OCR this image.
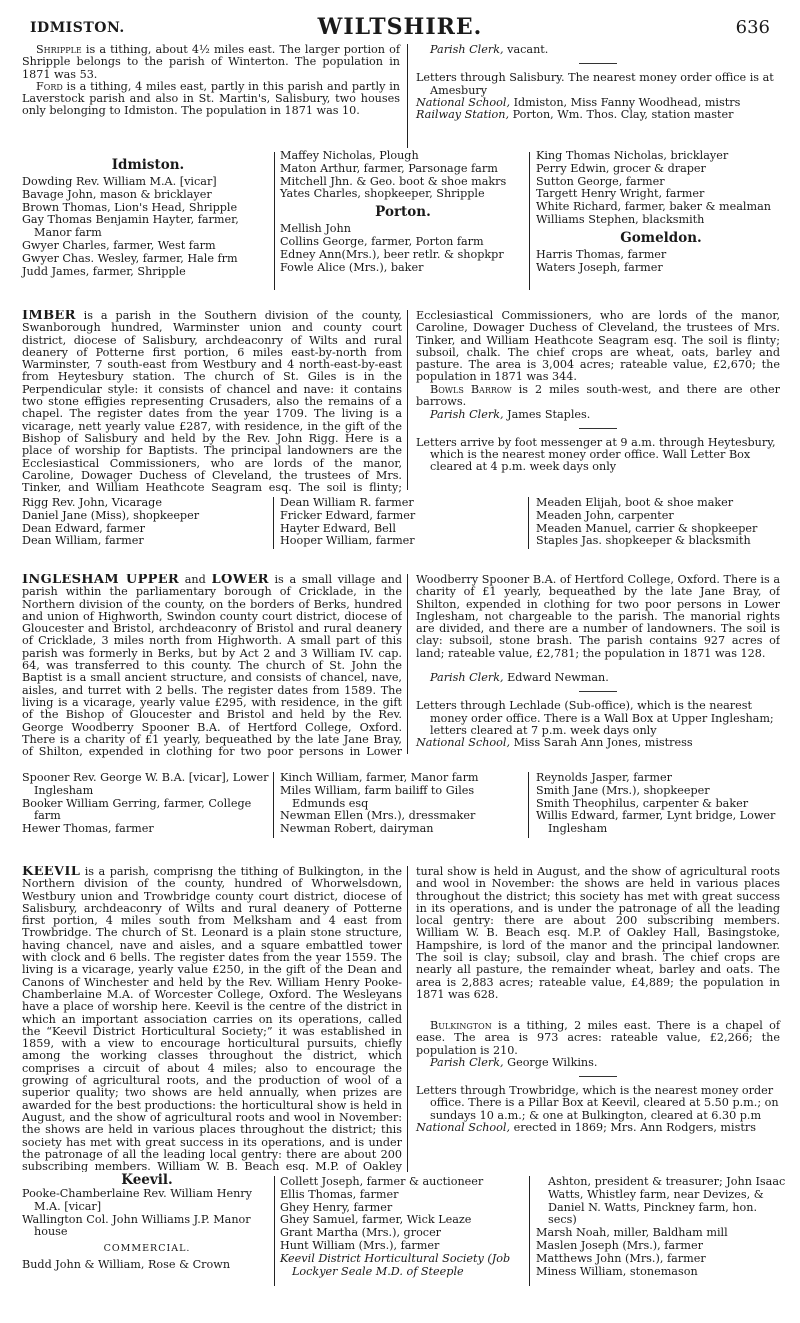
IDMISTON.	WILTSHIRE.	636

Shripple is a tithing, about 4½ miles east. The larger portion of Shripple belongs to the parish of Winterton. The population in 1871 was 53.

Ford is a tithing, 4 miles east, partly in this parish and partly in Laverstock parish and also in St. Martin's, Salisbury, two houses only belonging to Idmiston. The population in 1871 was 10.

Parish Clerk, vacant.

Letters through Salisbury. The nearest money order office is at Amesbury

National School, Idmiston, Miss Fanny Woodhead, mistrs

Railway Station, Porton, Wm. Thos. Clay, station master

Idmiston.
Dowding Rev. William M.A. [vicar]
Bavage John, mason & bricklayer
Brown Thomas, Lion's Head, Shripple
Gay Thomas Benjamin Hayter, farmer, Manor farm
Gwyer Charles, farmer, West farm
Gwyer Chas. Wesley, farmer, Hale frm
Judd James, farmer, Shripple
Maffey Nicholas, Plough
Maton Arthur, farmer, Parsonage farm
Mitchell Jhn. & Geo. boot & shoe makrs
Yates Charles, shopkeeper, Shripple
Porton.
Mellish John
Collins George, farmer, Porton farm
Edney Ann(Mrs.), beer retlr. & shopkpr
Fowle Alice (Mrs.), baker
King Thomas Nicholas, bricklayer
Perry Edwin, grocer & draper
Sutton George, farmer
Targett Henry Wright, farmer
White Richard, farmer, baker & mealman
Williams Stephen, blacksmith
Gomeldon.
Harris Thomas, farmer
Waters Joseph, farmer

IMBER is a parish in the Southern division of the county, Swanborough hundred, Warminster union and county court district, diocese of Salisbury, archdeaconry of Wilts and rural deanery of Potterne first portion, 6 miles east-by-north from Warminster, 7 south-east from Westbury and 4 north-east-by-east from Heytesbury station. The church of St. Giles is in the Perpendicular style: it consists of chancel and nave: it contains two stone effigies representing Crusaders, also the remains of a chapel. The register dates from the year 1709. The living is a vicarage, nett yearly value £287, with residence, in the gift of the Bishop of Salisbury and held by the Rev. John Rigg. Here is a place of worship for Baptists. The principal landowners are the Ecclesiastical Commissioners, who are lords of the manor, Caroline, Dowager Duchess of Cleveland, the trustees of Mrs. Tinker, and William Heathcote Seagram esq. The soil is flinty;

Ecclesiastical Commissioners, who are lords of the manor, Caroline, Dowager Duchess of Cleveland, the trustees of Mrs. Tinker, and William Heathcote Seagram esq. The soil is flinty; subsoil, chalk. The chief crops are wheat, oats, barley and pasture. The area is 3,004 acres; rateable value, £2,670; the population in 1871 was 344.

Bowls Barrow is 2 miles south-west, and there are other barrows.

Parish Clerk, James Staples.

Letters arrive by foot messenger at 9 a.m. through Heytesbury, which is the nearest money order office. Wall Letter Box cleared at 4 p.m. week days only

Rigg Rev. John, Vicarage
Daniel Jane (Miss), shopkeeper
Dean Edward, farmer
Dean William, farmer
Dean William R. farmer
Fricker Edward, farmer
Hayter Edward, Bell
Hooper William, farmer
Meaden Elijah, boot & shoe maker
Meaden John, carpenter
Meaden Manuel, carrier & shopkeeper
Staples Jas. shopkeeper & blacksmith

INGLESHAM UPPER and LOWER is a small village and parish within the parliamentary borough of Cricklade, in the Northern division of the county, on the borders of Berks, hundred and union of Highworth, Swindon county court district, diocese of Gloucester and Bristol, archdeaconry of Bristol and rural deanery of Cricklade, 3 miles north from Highworth. A small part of this parish was formerly in Berks, but by Act 2 and 3 William IV. cap. 64, was transferred to this county. The church of St. John the Baptist is a small ancient structure, and consists of chancel, nave, aisles, and turret with 2 bells. The register dates from 1589. The living is a vicarage, yearly value £295, with residence, in the gift of the Bishop of Gloucester and Bristol and held by the Rev. George Woodberry Spooner B.A. of Hertford College, Oxford. There is a charity of £1 yearly, bequeathed by the late Jane Bray, of Shilton, expended in clothing for two poor persons in Lower

Woodberry Spooner B.A. of Hertford College, Oxford. There is a charity of £1 yearly, bequeathed by the late Jane Bray, of Shilton, expended in clothing for two poor persons in Lower Inglesham, not chargeable to the parish. The manorial rights are divided, and there are a number of landowners. The soil is clay: subsoil, stone brash. The parish contains 927 acres of land; rateable value, £2,781; the population in 1871 was 128.

Parish Clerk, Edward Newman.

Letters through Lechlade (Sub-office), which is the nearest money order office. There is a Wall Box at Upper Inglesham; letters cleared at 7 p.m. week days only

National School, Miss Sarah Ann Jones, mistress

Spooner Rev. George W. B.A. [vicar], Lower Inglesham
Booker William Gerring, farmer, College farm
Hewer Thomas, farmer
Kinch William, farmer, Manor farm
Miles William, farm bailiff to Giles Edmunds esq
Newman Ellen (Mrs.), dressmaker
Newman Robert, dairyman
Reynolds Jasper, farmer
Smith Jane (Mrs.), shopkeeper
Smith Theophilus, carpenter & baker
Willis Edward, farmer, Lynt bridge, Lower Inglesham

KEEVIL is a parish, comprisng the tithing of Bulkington, in the Northern division of the county, hundred of Whorwelsdown, Westbury union and Trowbridge county court district, diocese of Salisbury, archdeaconry of Wilts and rural deanery of Potterne first portion, 4 miles south from Melksham and 4 east from Trowbridge. The church of St. Leonard is a plain stone structure, having chancel, nave and aisles, and a square embattled tower with clock and 6 bells. The register dates from the year 1559. The living is a vicarage, yearly value £250, in the gift of the Dean and Canons of Winchester and held by the Rev. William Henry Pooke-Chamberlaine M.A. of Worcester College, Oxford. The Wesleyans have a place of worship here. Keevil is the centre of the district in which an important association carries on its operations, called the “Keevil District Horticultural Society;” it was established in 1859, with a view to encourage horticultural pursuits, chiefly among the working classes throughout the district, which comprises a circuit of about 4 miles; also to encourage the growing of agricultural roots, and the production of wool of a superior quality; two shows are held annually, when prizes are awarded for the best productions: the horticultural show is held in August, and the show of agricultural roots and wool in November: the shows are held in various places throughout the district; this society has met with great success in its operations, and is under the patronage of all the leading local gentry: there are about 200 subscribing members. William W. B. Beach esq. M.P. of Oakley

tural show is held in August, and the show of agricultural roots and wool in November: the shows are held in various places throughout the district; this society has met with great success in its operations, and is under the patronage of all the leading local gentry: there are about 200 subscribing members. William W. B. Beach esq. M.P. of Oakley Hall, Basingstoke, Hampshire, is lord of the manor and the principal landowner. The soil is clay; subsoil, clay and brash. The chief crops are nearly all pasture, the remainder wheat, barley and oats. The area is 2,883 acres; rateable value, £4,889; the population in 1871 was 628.

Bulkington is a tithing, 2 miles east. There is a chapel of ease. The area is 973 acres: rateable value, £2,266; the population is 210.

Parish Clerk, George Wilkins.

Letters through Trowbridge, which is the nearest money order office. There is a Pillar Box at Keevil, cleared at 5.50 p.m.; on sundays 10 a.m.; & one at Bulkington, cleared at 6.30 p.m

National School, erected in 1869; Mrs. Ann Rodgers, mistrs

Keevil.
Pooke-Chamberlaine Rev. William Henry M.A. [vicar]
Wallington Col. John Williams J.P. Manor house
COMMERCIAL.
Budd John & William, Rose & Crown
Collett Joseph, farmer & auctioneer
Ellis Thomas, farmer
Ghey Henry, farmer
Ghey Samuel, farmer, Wick Leaze
Grant Martha (Mrs.), grocer
Hunt William (Mrs.), farmer
Keevil District Horticultural Society (Job Lockyer Seale M.D. of Steeple
Ashton, president & treasurer; John Isaac Watts, Whistley farm, near Devizes, & Daniel N. Watts, Pinckney farm, hon. secs)
Marsh Noah, miller, Baldham mill
Maslen Joseph (Mrs.), farmer
Matthews John (Mrs.), farmer
Miness William, stonemason
